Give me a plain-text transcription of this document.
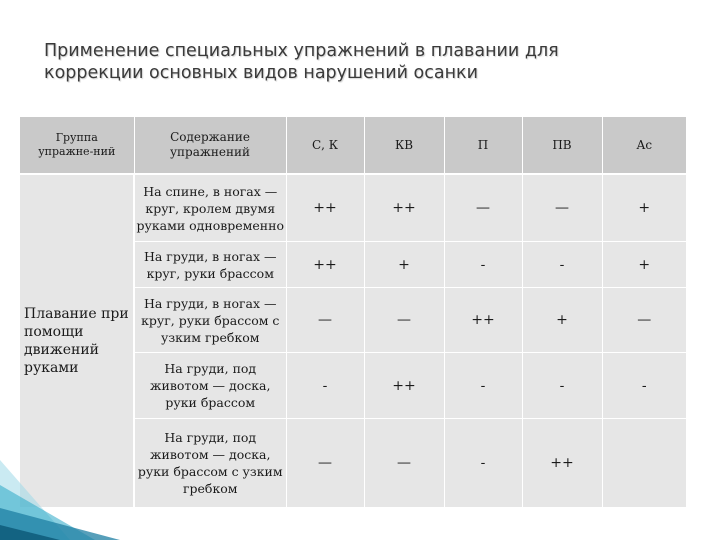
Применение специальных упражнений в плавании для
коррекции основных видов нарушений осанки
Группа упражне-ний	Содержание упражнений	С, К	КВ	П	ПВ	Ас
Плавание при помощи движений руками	На спине, в ногах — круг, кролем двумя руками одновременно	++	++	—	—	+
	На груди, в ногах — круг, руки брассом	++	+	-	-	+
	На груди, в ногах — круг, руки брассом с узким гребком	—	—	++	+	—
	На груди, под животом — доска, руки брассом	-	++	-	-	-
	На груди, под животом — доска, руки брассом с узким гребком	—	—	-	++	
